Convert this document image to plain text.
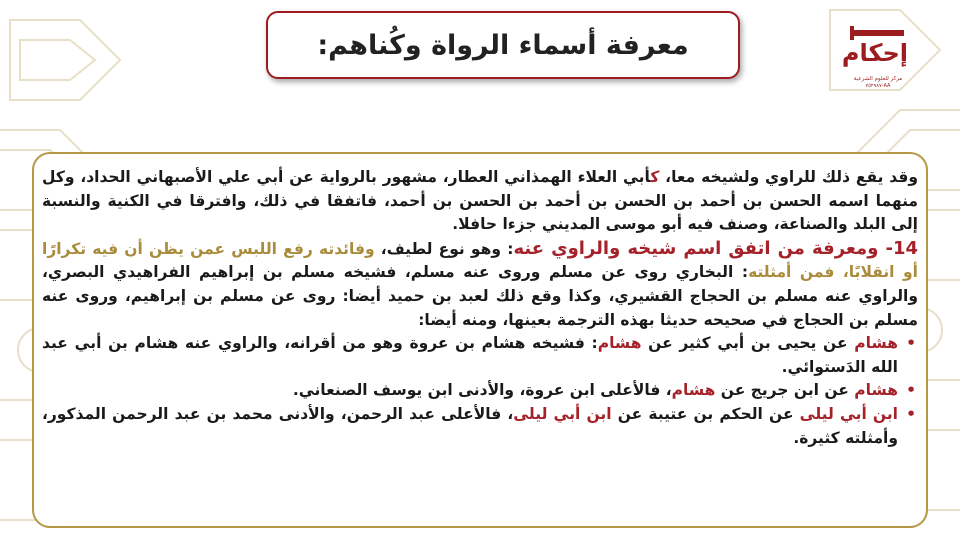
إحكام
مركز للعلوم الشرعية
AA-٧٥٢٩٨٧
معرفة أسماء الرواة وكُناهم:

وقد يقع ذلك للراوي ولشيخه معا، كأبي العلاء الهمذاني العطار، مشهور بالرواية عن أبي علي الأصبهاني الحداد، وكل منهما اسمه الحسن بن أحمد بن الحسن بن أحمد بن الحسن بن أحمد، فاتفقا في ذلك، وافترقا في الكنية والنسبة إلى البلد والصناعة، وصنف فيه أبو موسى المديني جزءا حافلا.

14- ومعرفة من اتفق اسم شيخه والراوي عنه: وهو نوع لطيف، وفائدته رفع اللبس عمن يظن أن فيه تكرارًا أو انقلابًا، فمن أمثلته: البخاري روى عن مسلم وروى عنه مسلم، فشيخه مسلم بن إبراهيم الفراهيدي البصري، والراوي عنه مسلم بن الحجاج القشيري، وكذا وقع ذلك لعبد بن حميد أيضا: روى عن مسلم بن إبراهيم، وروى عنه مسلم بن الحجاج في صحيحه حديثا بهذه الترجمة بعينها، ومنه أيضا:

• هشام عن يحيى بن أبي كثير عن هشام: فشيخه هشام بن عروة وهو من أقرانه، والراوي عنه هشام بن أبي عبد الله الدَستوائي.
• هشام عن ابن جريج عن هشام، فالأعلى ابن عروة، والأدنى ابن يوسف الصنعاني.
• ابن أبي ليلى عن الحكم بن عتيبة عن ابن أبي ليلى، فالأعلى عبد الرحمن، والأدنى محمد بن عبد الرحمن المذكور، وأمثلته كثيرة.
